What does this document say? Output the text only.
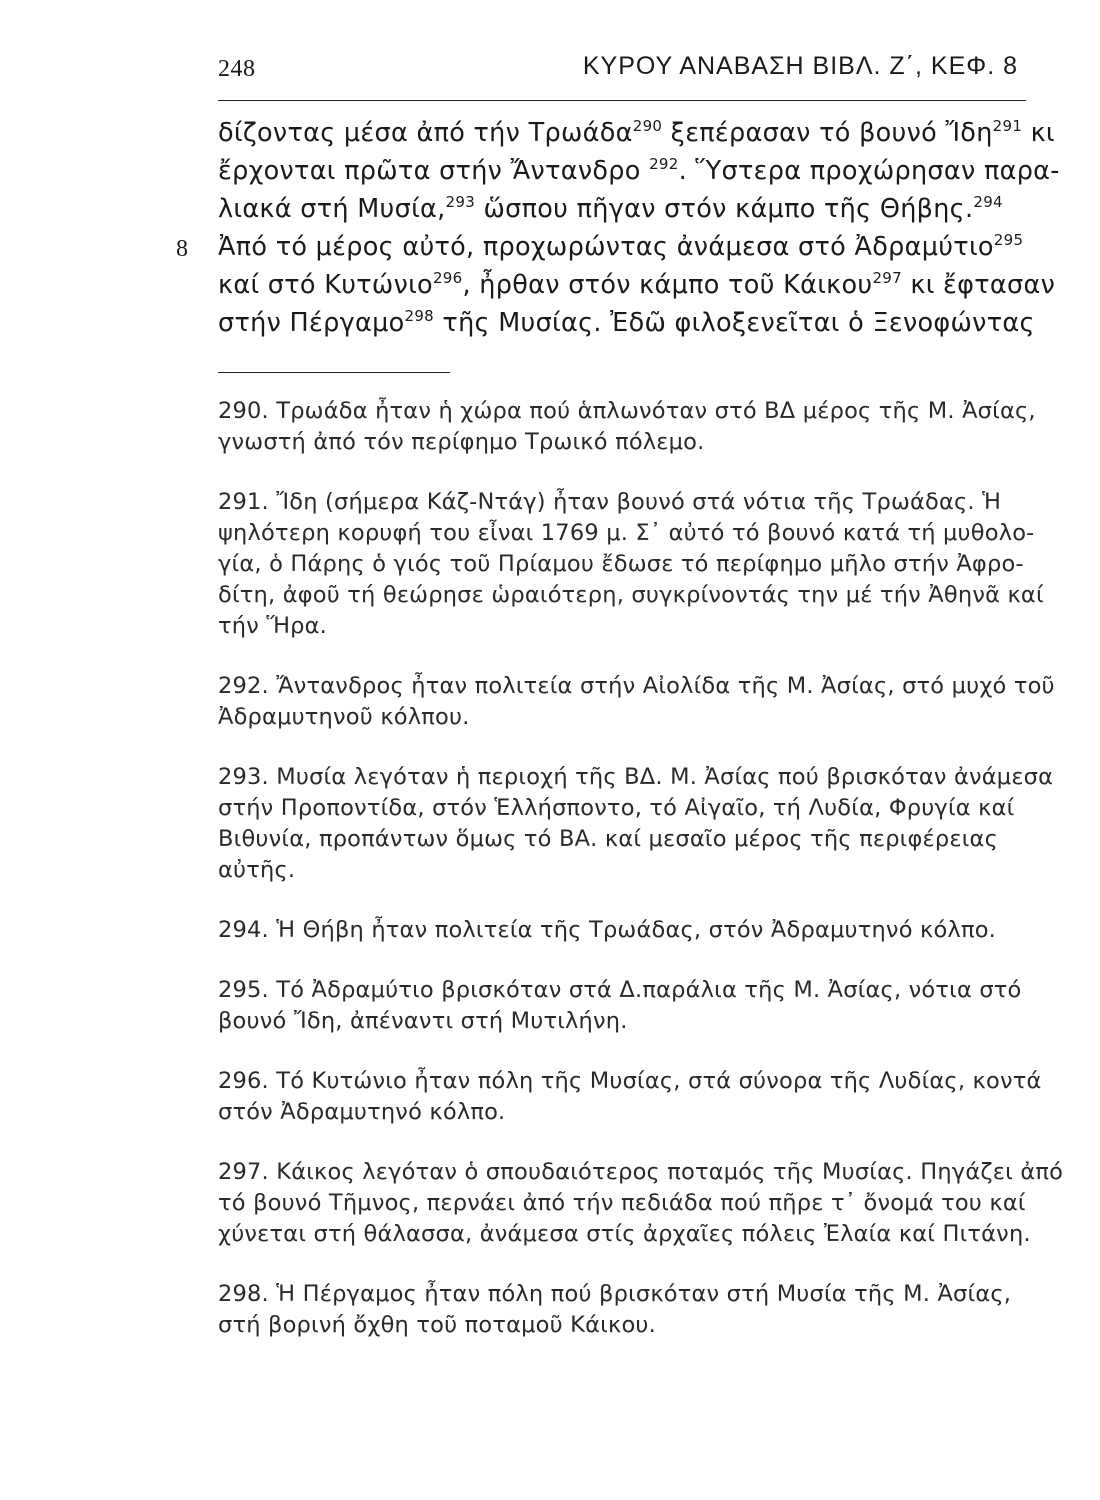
248	ΚΥΡΟΥ ΑΝΑΒΑΣΗ ΒΙΒΛ. Ζ΄, ΚΕΦ. 8
8
δίζοντας μέσα ἀπό τήν Τρωάδα$^{290}$ ξεπέρασαν τό βουνό Ἴδη$^{291}$ κι
ἔρχονται πρῶτα στήν Ἄντανδρο $^{292}$. Ὕστερα προχώρησαν παρα-
λιακά στή Μυσία,$^{293}$ ὥσπου πῆγαν στόν κάμπο τῆς Θήβης.$^{294}$
Ἀπό τό μέρος αὐτό, προχωρώντας ἀνάμεσα στό Ἀδραμύτιο$^{295}$
καί στό Κυτώνιο$^{296}$, ἦρθαν στόν κάμπο τοῦ Κάικου$^{297}$ κι ἔφτασαν
στήν Πέργαμο$^{298}$ τῆς Μυσίας. Ἐδῶ φιλοξενεῖται ὁ Ξενοφώντας
290. Τρωάδα ἦταν ἡ χώρα πού ἁπλωνόταν στό ΒΔ μέρος τῆς Μ. Ἀσίας,
γνωστή ἀπό τόν περίφημο Τρωικό πόλεμο.
291. Ἴδη (σήμερα Κάζ-Ντάγ) ἦταν βουνό στά νότια τῆς Τρωάδας. Ἡ
ψηλότερη κορυφή του εἶναι 1769 μ. Σ᾽ αὐτό τό βουνό κατά τή μυθολο-
γία, ὁ Πάρης ὁ γιός τοῦ Πρίαμου ἔδωσε τό περίφημο μῆλο στήν Ἀφρο-
δίτη, ἀφοῦ τή θεώρησε ὡραιότερη, συγκρίνοντάς την μέ τήν Ἀθηνᾶ καί
τήν Ἥρα.
292. Ἄντανδρος ἦταν πολιτεία στήν Αἰολίδα τῆς Μ. Ἀσίας, στό μυχό τοῦ
Ἀδραμυτηνοῦ κόλπου.
293. Μυσία λεγόταν ἡ περιοχή τῆς ΒΔ. Μ. Ἀσίας πού βρισκόταν ἀνάμεσα
στήν Προποντίδα, στόν Ἑλλήσποντο, τό Αἰγαῖο, τή Λυδία, Φρυγία καί
Βιθυνία, προπάντων ὅμως τό ΒΑ. καί μεσαῖο μέρος τῆς περιφέρειας
αὐτῆς.
294. Ἡ Θήβη ἦταν πολιτεία τῆς Τρωάδας, στόν Ἀδραμυτηνό κόλπο.
295. Τό Ἀδραμύτιο βρισκόταν στά Δ.παράλια τῆς Μ. Ἀσίας, νότια στό
βουνό Ἴδη, ἀπέναντι στή Μυτιλήνη.
296. Τό Κυτώνιο ἦταν πόλη τῆς Μυσίας, στά σύνορα τῆς Λυδίας, κοντά
στόν Ἀδραμυτηνό κόλπο.
297. Κάικος λεγόταν ὁ σπουδαιότερος ποταμός τῆς Μυσίας. Πηγάζει ἀπό
τό βουνό Τῆμνος, περνάει ἀπό τήν πεδιάδα πού πῆρε τ᾽ ὄνομά του καί
χύνεται στή θάλασσα, ἀνάμεσα στίς ἀρχαῖες πόλεις Ἐλαία καί Πιτάνη.
298. Ἡ Πέργαμος ἦταν πόλη πού βρισκόταν στή Μυσία τῆς Μ. Ἀσίας,
στή βορινή ὄχθη τοῦ ποταμοῦ Κάικου.
